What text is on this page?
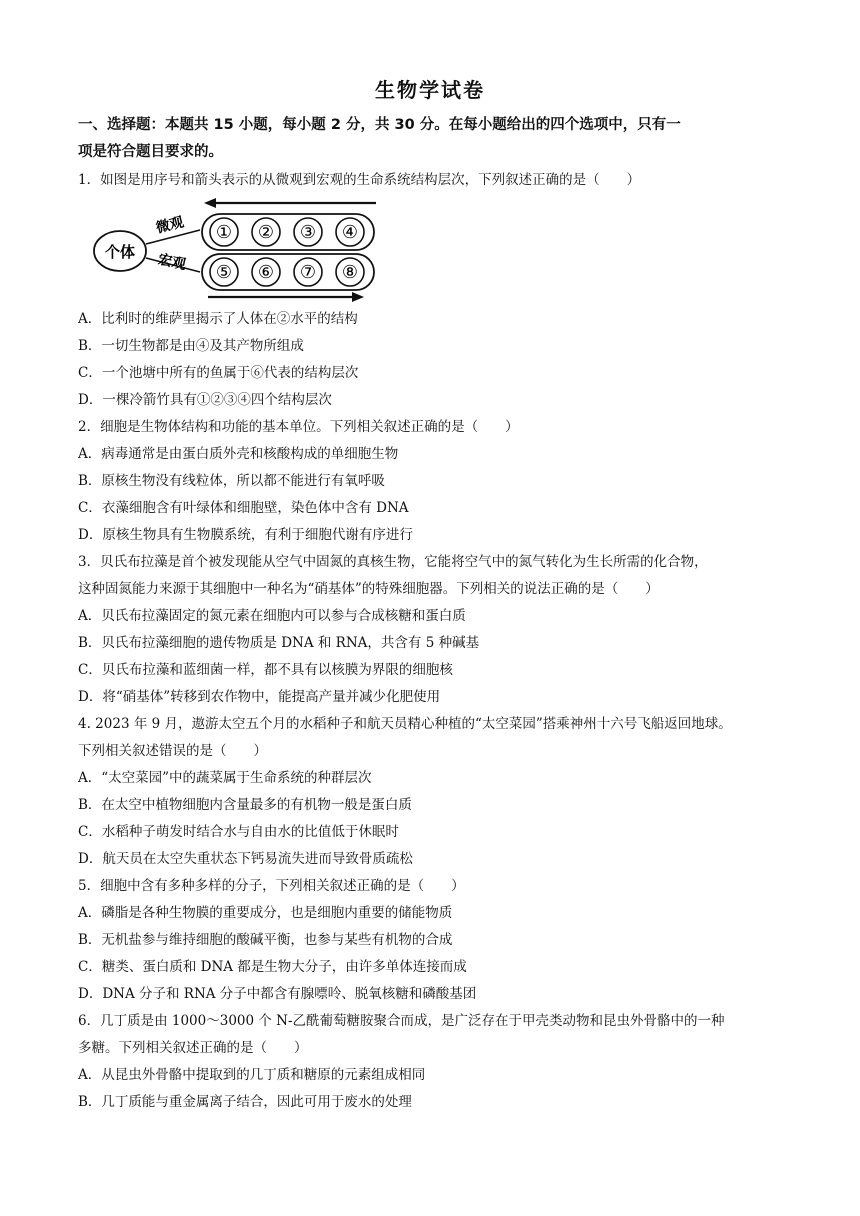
生物学试卷
一、选择题：本题共 15 小题，每小题 2 分，共 30 分。在每小题给出的四个选项中，只有一
项是符合题目要求的。
1．如图是用序号和箭头表示的从微观到宏观的生命系统结构层次，下列叙述正确的是（　　）
个体
微观
宏观
① ② ③ ④
⑤ ⑥ ⑦ ⑧
A．比利时的维萨里揭示了人体在②水平的结构
B．一切生物都是由④及其产物所组成
C．一个池塘中所有的鱼属于⑥代表的结构层次
D．一棵冷箭竹具有①②③④四个结构层次
2．细胞是生物体结构和功能的基本单位。下列相关叙述正确的是（　　）
A．病毒通常是由蛋白质外壳和核酸构成的单细胞生物
B．原核生物没有线粒体，所以都不能进行有氧呼吸
C．衣藻细胞含有叶绿体和细胞壁，染色体中含有 DNA
D．原核生物具有生物膜系统，有利于细胞代谢有序进行
3．贝氏布拉藻是首个被发现能从空气中固氮的真核生物，它能将空气中的氮气转化为生长所需的化合物，
这种固氮能力来源于其细胞中一种名为“硝基体”的特殊细胞器。下列相关的说法正确的是（　　）
A．贝氏布拉藻固定的氮元素在细胞内可以参与合成核糖和蛋白质
B．贝氏布拉藻细胞的遗传物质是 DNA 和 RNA，共含有 5 种碱基
C．贝氏布拉藻和蓝细菌一样，都不具有以核膜为界限的细胞核
D．将“硝基体”转移到农作物中，能提高产量并减少化肥使用
4. 2023 年 9 月，遨游太空五个月的水稻种子和航天员精心种植的“太空菜园”搭乘神州十六号飞船返回地球。
下列相关叙述错误的是（　　）
A．“太空菜园”中的蔬菜属于生命系统的种群层次
B．在太空中植物细胞内含量最多的有机物一般是蛋白质
C．水稻种子萌发时结合水与自由水的比值低于休眠时
D．航天员在太空失重状态下钙易流失进而导致骨质疏松
5．细胞中含有多种多样的分子，下列相关叙述正确的是（　　）
A．磷脂是各种生物膜的重要成分，也是细胞内重要的储能物质
B．无机盐参与维持细胞的酸碱平衡，也参与某些有机物的合成
C．糖类、蛋白质和 DNA 都是生物大分子，由许多单体连接而成
D．DNA 分子和 RNA 分子中都含有腺嘌呤、脱氧核糖和磷酸基团
6．几丁质是由 1000～3000 个 N-乙酰葡萄糖胺聚合而成，是广泛存在于甲壳类动物和昆虫外骨骼中的一种
多糖。下列相关叙述正确的是（　　）
A．从昆虫外骨骼中提取到的几丁质和糖原的元素组成相同
B．几丁质能与重金属离子结合，因此可用于废水的处理
